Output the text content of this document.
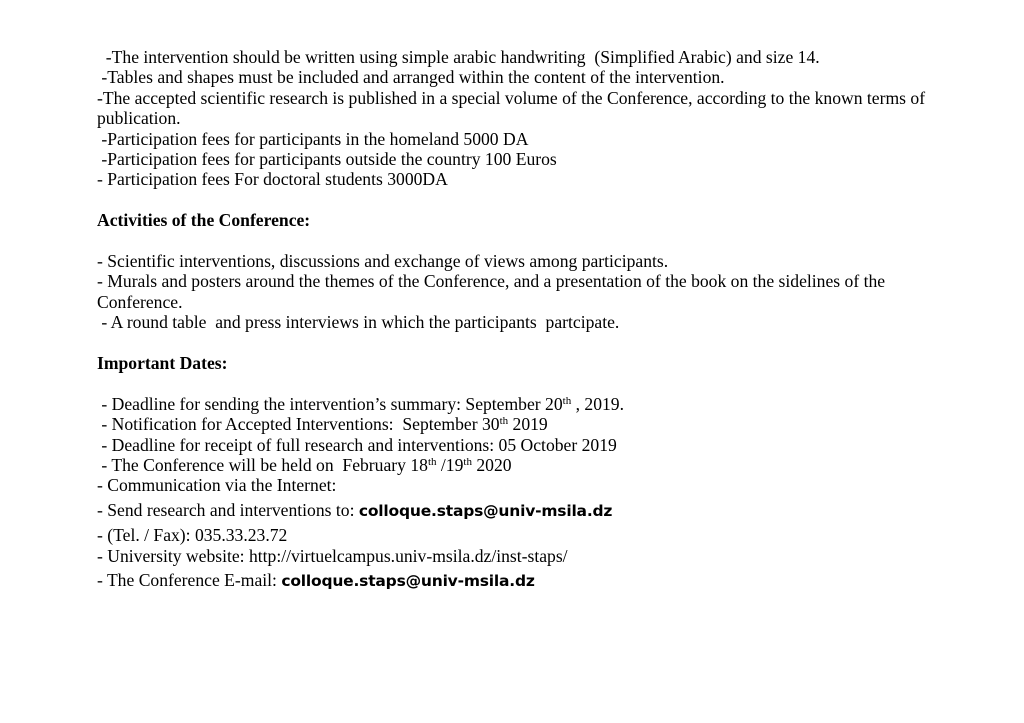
-The intervention should be written using simple arabic handwriting  (Simplified Arabic) and size 14.
-Tables and shapes must be included and arranged within the content of the intervention.
-The accepted scientific research is published in a special volume of the Conference, according to the known terms of publication.
-Participation fees for participants in the homeland 5000 DA
-Participation fees for participants outside the country 100 Euros
- Participation fees For doctoral students 3000DA
Activities of the Conference:
- Scientific interventions, discussions and exchange of views among participants.
- Murals and posters around the themes of the Conference, and a presentation of the book on the sidelines of the Conference.
- A round table  and press interviews in which the participants  partcipate.
Important Dates:
- Deadline for sending the intervention’s summary: September 20th , 2019.
- Notification for Accepted Interventions:  September 30th 2019
- Deadline for receipt of full research and interventions: 05 October 2019
- The Conference will be held on  February 18th /19th 2020
- Communication via the Internet:
- Send research and interventions to: colloque.staps@univ-msila.dz
- (Tel. / Fax): 035.33.23.72
- University website: http://virtuelcampus.univ-msila.dz/inst-staps/
- The Conference E-mail: colloque.staps@univ-msila.dz
